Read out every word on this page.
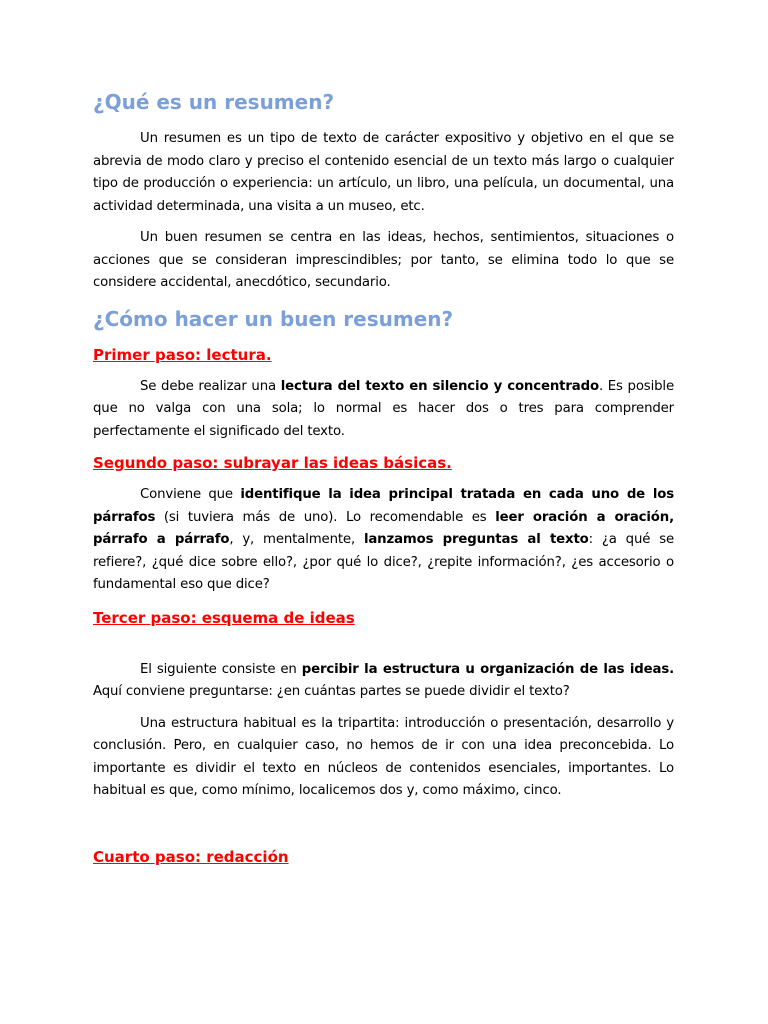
¿Qué es un resumen?

Un resumen es un tipo de texto de carácter expositivo y objetivo en el que se abrevia de modo claro y preciso el contenido esencial de un texto más largo o cualquier tipo de producción o experiencia: un artículo, un libro, una película, un documental, una actividad determinada, una visita a un museo, etc.

Un buen resumen se centra en las ideas, hechos, sentimientos, situaciones o acciones que se consideran imprescindibles; por tanto, se elimina todo lo que se considere accidental, anecdótico, secundario.

¿Cómo hacer un buen resumen?
Primer paso: lectura.

Se debe realizar una lectura del texto en silencio y concentrado. Es posible que no valga con una sola; lo normal es hacer dos o tres para comprender perfectamente el significado del texto.

Segundo paso: subrayar las ideas básicas.

Conviene que identifique la idea principal tratada en cada uno de los párrafos (si tuviera más de uno). Lo recomendable es leer oración a oración, párrafo a párrafo, y, mentalmente, lanzamos preguntas al texto: ¿a qué se refiere?, ¿qué dice sobre ello?, ¿por qué lo dice?, ¿repite información?, ¿es accesorio o fundamental eso que dice?

Tercer paso: esquema de ideas

El siguiente consiste en percibir la estructura u organización de las ideas. Aquí conviene preguntarse: ¿en cuántas partes se puede dividir el texto?

Una estructura habitual es la tripartita: introducción o presentación, desarrollo y conclusión. Pero, en cualquier caso, no hemos de ir con una idea preconcebida. Lo importante es dividir el texto en núcleos de contenidos esenciales, importantes. Lo habitual es que, como mínimo, localicemos dos y, como máximo, cinco.

Cuarto paso: redacción
